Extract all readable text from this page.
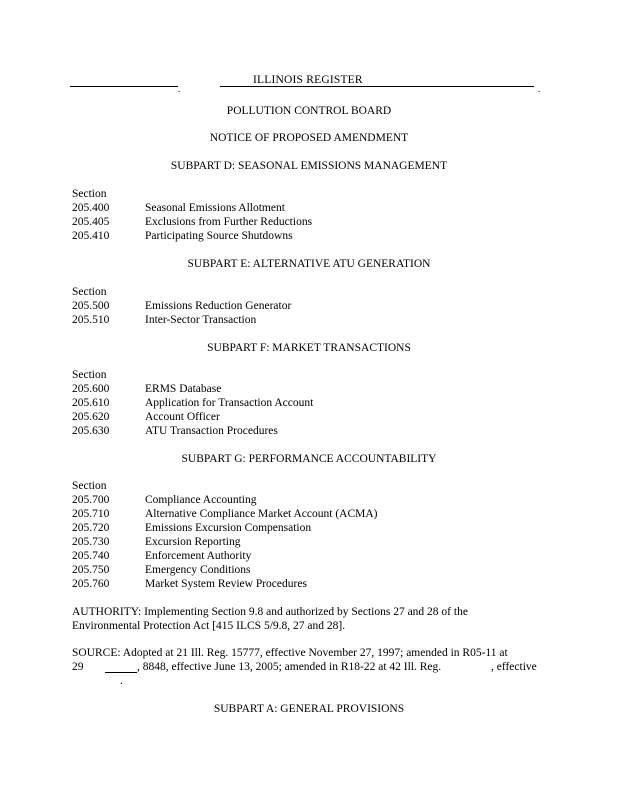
.	.
ILLINOIS REGISTER
POLLUTION CONTROL BOARD
NOTICE OF PROPOSED AMENDMENT
SUBPART D: SEASONAL EMISSIONS MANAGEMENT
Section
205.400	Seasonal Emissions Allotment
205.405	Exclusions from Further Reductions
205.410	Participating Source Shutdowns
SUBPART E: ALTERNATIVE ATU GENERATION
Section
205.500	Emissions Reduction Generator
205.510	Inter-Sector Transaction
SUBPART F: MARKET TRANSACTIONS
Section
205.600	ERMS Database
205.610	Application for Transaction Account
205.620	Account Officer
205.630	ATU Transaction Procedures
SUBPART G: PERFORMANCE ACCOUNTABILITY
Section
205.700	Compliance Accounting
205.710	Alternative Compliance Market Account (ACMA)
205.720	Emissions Excursion Compensation
205.730	Excursion Reporting
205.740	Enforcement Authority
205.750	Emergency Conditions
205.760	Market System Review Procedures
AUTHORITY: Implementing Section 9.8 and authorized by Sections 27 and 28 of the
Environmental Protection Act [415 ILCS 5/9.8, 27 and 28].
SOURCE: Adopted at 21 Ill. Reg. 15777, effective November 27, 1997; amended in R05-11 at
29	, 8848, effective June 13, 2005; amended in R18-22 at 42 Ill. Reg.	, effective
.
SUBPART A: GENERAL PROVISIONS
